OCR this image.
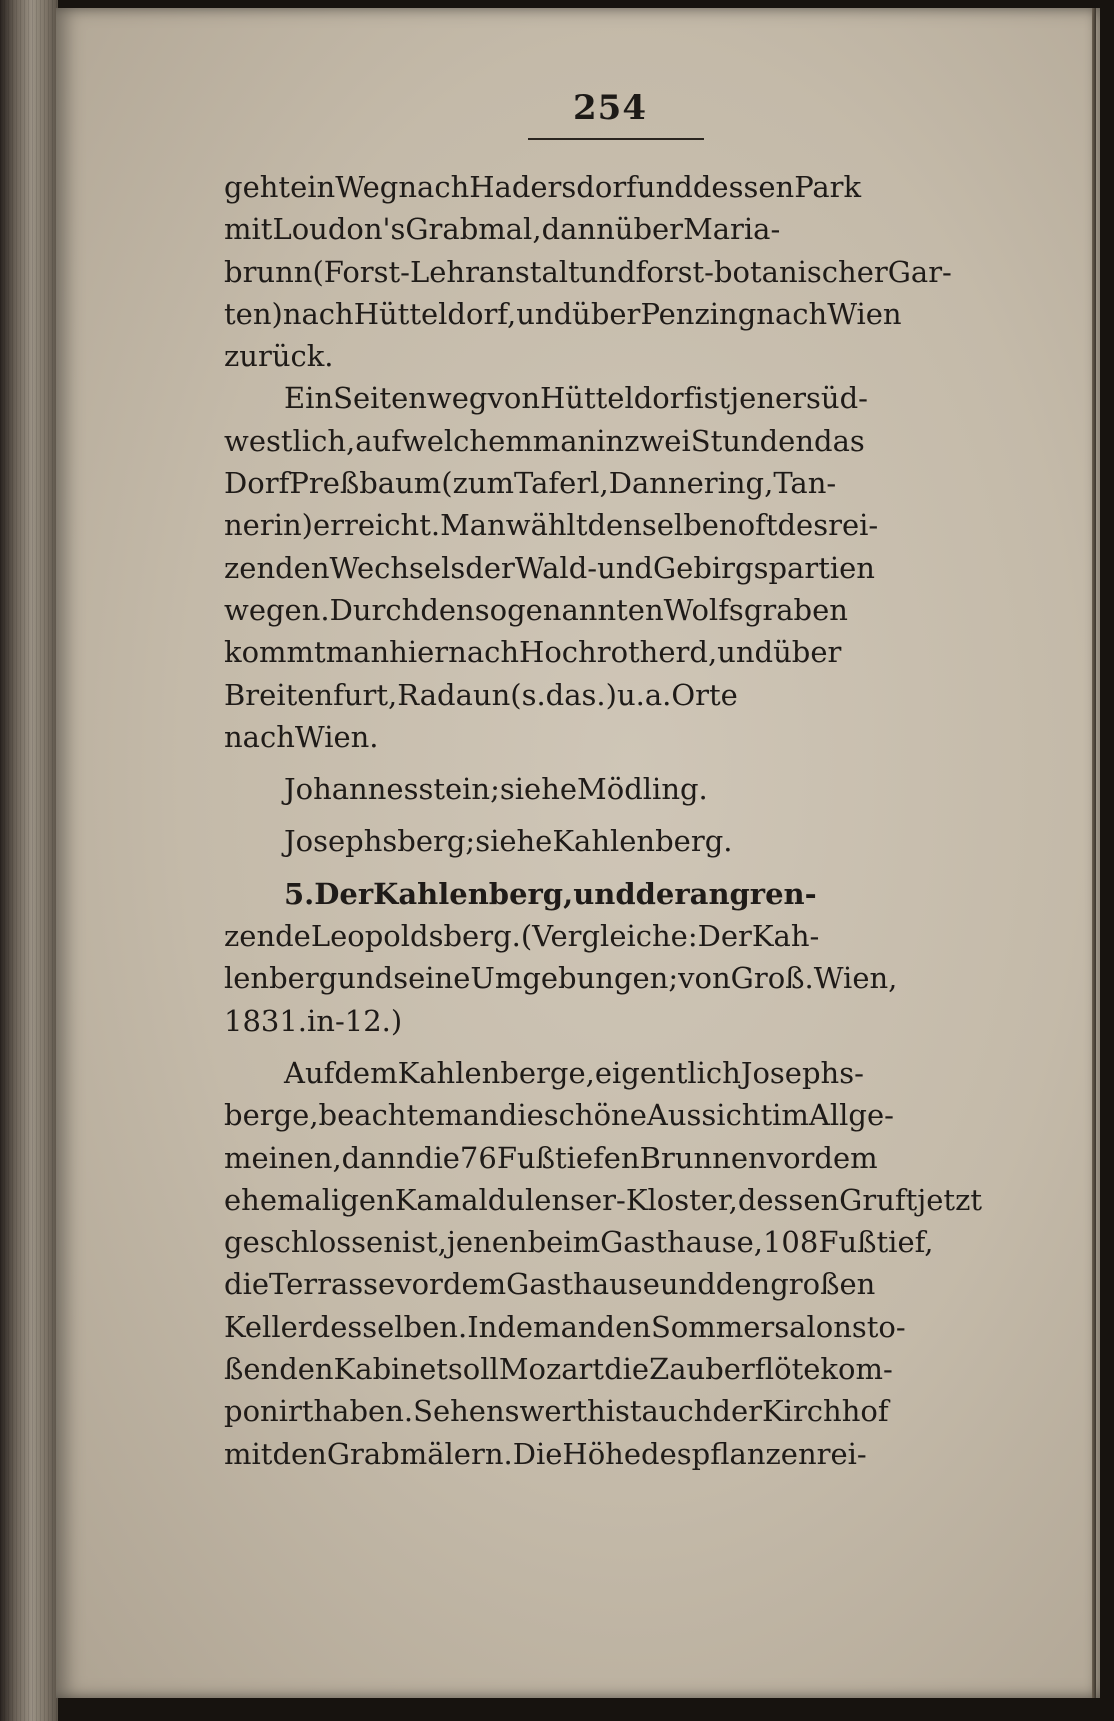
254
gehteinWegnachHadersdorfunddessenPark
mitLoudon'sGrabmal,dannüberMaria-
brunn(Forst-Lehranstaltundforst-botanischerGar-
ten)nachHütteldorf,undüberPenzingnachWien
zurück.
EinSeitenwegvonHütteldorfistjenersüd-
westlich,aufwelchemmaninzweiStundendas
DorfPreßbaum(zumTaferl,Dannering,Tan-
nerin)erreicht.Manwähltdenselbenoftdesrei-
zendenWechselsderWald-undGebirgspartien
wegen.DurchdensogenanntenWolfsgraben
kommtmanhiernachHochrotherd,undüber
Breitenfurt,Radaun(s.das.)u.a.Orte
nachWien.
Johannesstein;sieheMödling.
Josephsberg;sieheKahlenberg.
5.DerKahlenberg,undderangren-
zendeLeopoldsberg.(Vergleiche:DerKah-
lenbergundseineUmgebungen;vonGroß.Wien,
1831.in-12.)
AufdemKahlenberge,eigentlichJosephs-
berge,beachtemandieschöneAussichtimAllge-
meinen,danndie76FußtiefenBrunnenvordem
ehemaligenKamaldulenser-Kloster,dessenGruftjetzt
geschlossenist,jenenbeimGasthause,108Fußtief,
dieTerrassevordemGasthauseunddengroßen
Kellerdesselben.IndemandenSommersalonsto-
ßendenKabinetsollMozartdieZauberflötekom-
ponirthaben.SehenswerthistauchderKirchhof
mitdenGrabmälern.DieHöhedespflanzenrei-
